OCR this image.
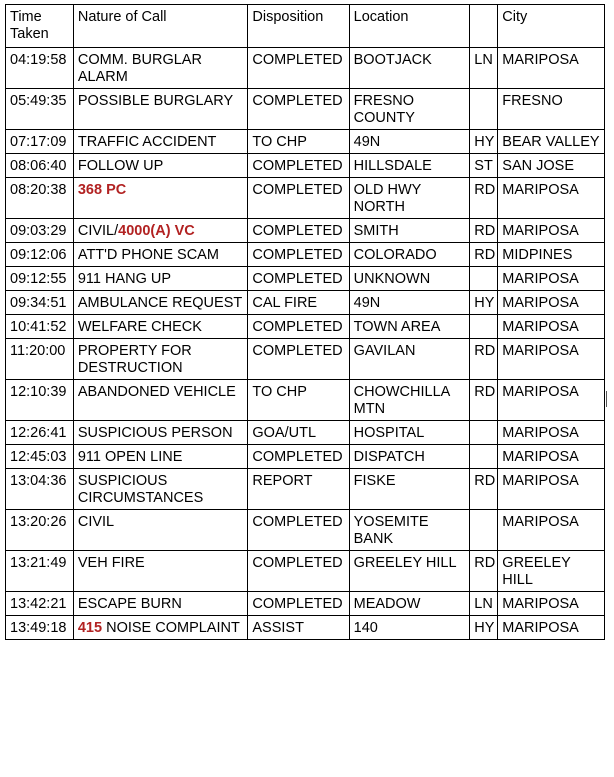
Time Taken	Nature of Call	Disposition	Location		City
04:19:58	COMM. BURGLAR ALARM	COMPLETED	BOOTJACK	LN	MARIPOSA
05:49:35	POSSIBLE BURGLARY	COMPLETED	FRESNO COUNTY		FRESNO
07:17:09	TRAFFIC ACCIDENT	TO CHP	49N	HY	BEAR VALLEY
08:06:40	FOLLOW UP	COMPLETED	HILLSDALE	ST	SAN JOSE
08:20:38	368 PC	COMPLETED	OLD HWY NORTH	RD	MARIPOSA
09:03:29	CIVIL/4000(A) VC	COMPLETED	SMITH	RD	MARIPOSA
09:12:06	ATT'D PHONE SCAM	COMPLETED	COLORADO	RD	MIDPINES
09:12:55	911 HANG UP	COMPLETED	UNKNOWN		MARIPOSA
09:34:51	AMBULANCE REQUEST	CAL FIRE	49N	HY	MARIPOSA
10:41:52	WELFARE CHECK	COMPLETED	TOWN AREA		MARIPOSA
11:20:00	PROPERTY FOR DESTRUCTION	COMPLETED	GAVILAN	RD	MARIPOSA
12:10:39	ABANDONED VEHICLE	TO CHP	CHOWCHILLA MTN	RD	MARIPOSA
12:26:41	SUSPICIOUS PERSON	GOA/UTL	HOSPITAL		MARIPOSA
12:45:03	911 OPEN LINE	COMPLETED	DISPATCH		MARIPOSA
13:04:36	SUSPICIOUS CIRCUMSTANCES	REPORT	FISKE	RD	MARIPOSA
13:20:26	CIVIL	COMPLETED	YOSEMITE BANK		MARIPOSA
13:21:49	VEH FIRE	COMPLETED	GREELEY HILL	RD	GREELEY HILL
13:42:21	ESCAPE BURN	COMPLETED	MEADOW	LN	MARIPOSA
13:49:18	415 NOISE COMPLAINT	ASSIST	140	HY	MARIPOSA
